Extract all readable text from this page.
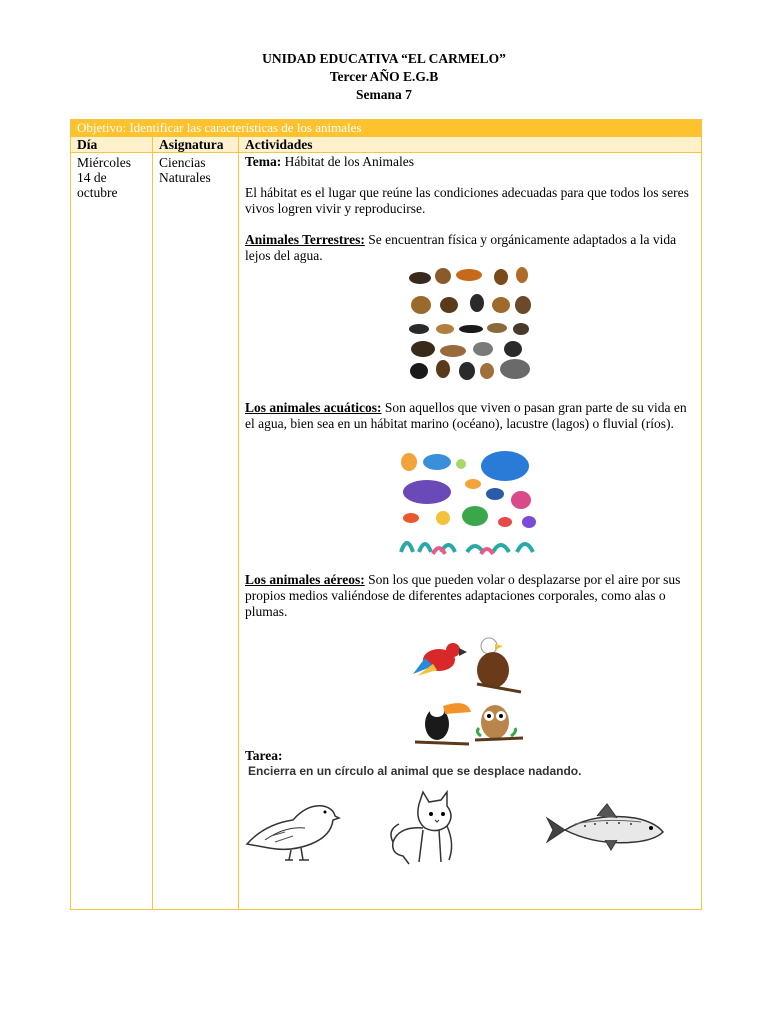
UNIDAD EDUCATIVA “EL CARMELO”
Tercer AÑO E.G.B
Semana 7
Objetivo: Identificar las características de los animales
Día	Asignatura Actividades
Miércoles
14 de
octubre
Ciencias
Naturales
Tema: Hábitat de los Animales
El hábitat es el lugar que reúne las condiciones adecuadas para que todos los seres vivos logren vivir y reproducirse.
Animales Terrestres: Se encuentran física y orgánicamente adaptados a la vida lejos del agua.
Los animales acuáticos: Son aquellos que viven o pasan gran parte de su vida en el agua, bien sea en un hábitat marino (océano), lacustre (lagos) o fluvial (ríos).
Los animales aéreos: Son los que pueden volar o desplazarse por el aire por sus propios medios valiéndose de diferentes adaptaciones corporales, como alas o plumas.
Tarea:
Encierra en un círculo al animal que se desplace nadando.
